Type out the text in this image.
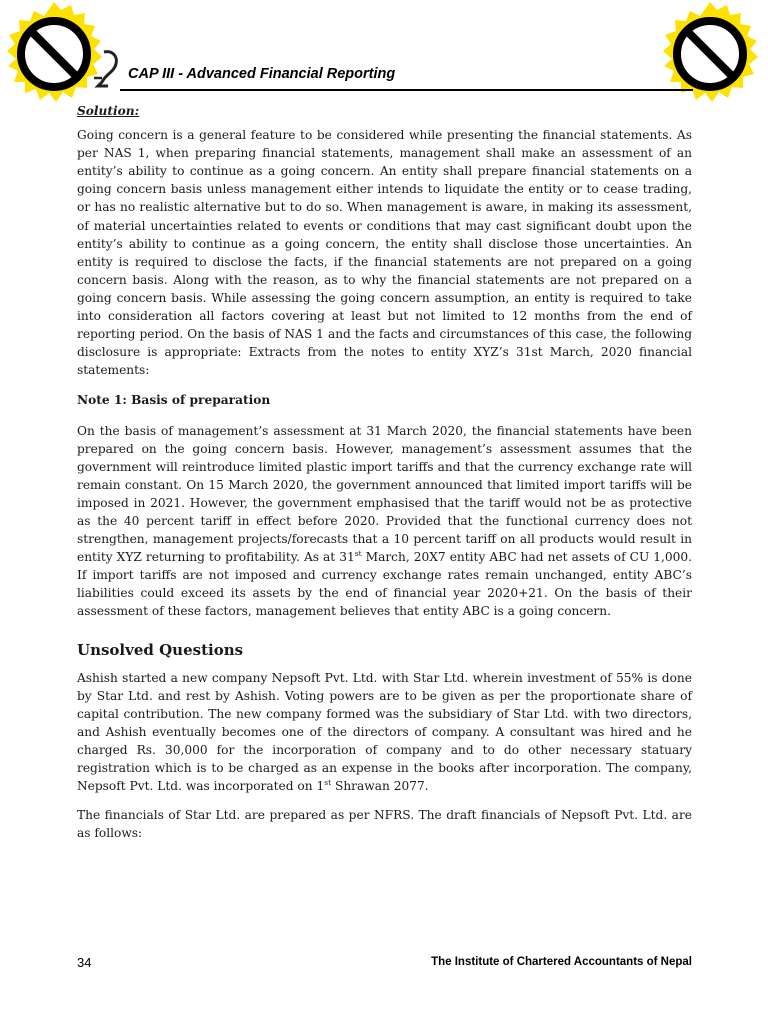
CAP III - Advanced Financial Reporting

Solution:

Going concern is a general feature to be considered while presenting the financial statements. As per NAS 1, when preparing financial statements, management shall make an assessment of an entity’s ability to continue as a going concern. An entity shall prepare financial statements on a going concern basis unless management either intends to liquidate the entity or to cease trading, or has no realistic alternative but to do so. When management is aware, in making its assessment, of material uncertainties related to events or conditions that may cast significant doubt upon the entity’s ability to continue as a going concern, the entity shall disclose those uncertainties. An entity is required to disclose the facts, if the financial statements are not prepared on a going concern basis. Along with the reason, as to why the financial statements are not prepared on a going concern basis. While assessing the going concern assumption, an entity is required to take into consideration all factors covering at least but not limited to 12 months from the end of reporting period. On the basis of NAS 1 and the facts and circumstances of this case, the following disclosure is appropriate: Extracts from the notes to entity XYZ’s 31st March, 2020 financial statements:

Note 1: Basis of preparation

On the basis of management’s assessment at 31 March 2020, the financial statements have been prepared on the going concern basis. However, management’s assessment assumes that the government will reintroduce limited plastic import tariffs and that the currency exchange rate will remain constant. On 15 March 2020, the government announced that limited import tariffs will be imposed in 2021. However, the government emphasised that the tariff would not be as protective as the 40 percent tariff in effect before 2020. Provided that the functional currency does not strengthen, management projects/forecasts that a 10 percent tariff on all products would result in entity XYZ returning to profitability. As at 31st March, 20X7 entity ABC had net assets of CU 1,000. If import tariffs are not imposed and currency exchange rates remain unchanged, entity ABC’s liabilities could exceed its assets by the end of financial year 2020+21. On the basis of their assessment of these factors, management believes that entity ABC is a going concern.

Unsolved Questions

Ashish started a new company Nepsoft Pvt. Ltd. with Star Ltd. wherein investment of 55% is done by Star Ltd. and rest by Ashish. Voting powers are to be given as per the proportionate share of capital contribution. The new company formed was the subsidiary of Star Ltd. with two directors, and Ashish eventually becomes one of the directors of company. A consultant was hired and he charged Rs. 30,000 for the incorporation of company and to do other necessary statuary registration which is to be charged as an expense in the books after incorporation. The company, Nepsoft Pvt. Ltd. was incorporated on 1st Shrawan 2077.

The financials of Star Ltd. are prepared as per NFRS. The draft financials of Nepsoft Pvt. Ltd. are as follows:

34	The Institute of Chartered Accountants of Nepal
